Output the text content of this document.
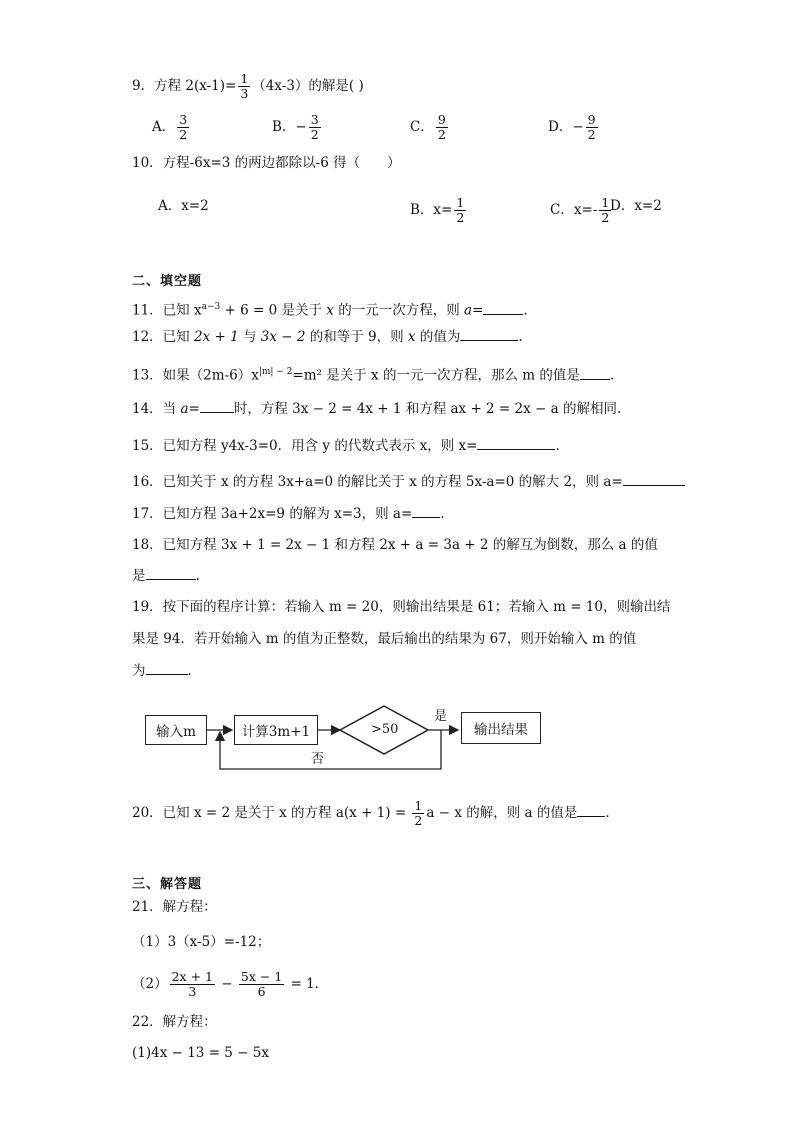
9．方程 $2(x-1)= \frac{1}{3} (4x-3)$的解是( )
A． $\frac{3}{2}$	B．− $\frac{3}{2}$	C． $\frac{9}{2}$	D．− $\frac{9}{2}$
10．方程-6x=3 的两边都除以-6 得（　　）
A．x=2	B．$x= \frac{1}{2}$	C．$x=- \frac{1}{2}$
D．x=2
二、填空题
11．已知 $x^{a-3} + 6 = 0$ 是关于 x 的一元一次方程，则 a=	.
12．已知 2x + 1 与 3x − 2 的和等于 9，则 x 的值为	.
13．如果$(2m-6)x^{|m| - 2}=m^2$ 是关于 x 的一元一次方程，那么 m 的值是 .
14．当 a=	时，方程 3x − 2 = 4x + 1 和方程 ax + 2 = 2x − a 的解相同.
15．已知方程 y4x-3=0．用含 y 的代数式表示 x，则 x=	.
16．已知关于 x 的方程 3x+a=0 的解比关于 x 的方程 5x-a=0 的解大 2，则 a=
17．已知方程 3a+2x=9 的解为 x=3，则 a= .
18．已知方程 3x + 1 = 2x − 1 和方程 2x + a = 3a + 2 的解互为倒数，那么 a 的值
是	.
19．按下面的程序计算：若输入 m = 20，则输出结果是 61；若输入 m = 10，则输出结
果是 94．若开始输入 m 的值为正整数，最后输出的结果为 67，则开始输入 m 的值
为	.
输入m	计算3m+1	>50
是
否
输出结果
20．已知 x = 2 是关于 x 的方程 $a(x + 1) = \frac{1}{2}$ a − x 的解，则 a 的值是 .
三、解答题
21．解方程：
（1）3（x-5）=-12；
$(2) \frac{2x + 1}{3} - \frac{5x - 1}{6} = 1$．
22．解方程：
(1)4x − 13 = 5 − 5x
